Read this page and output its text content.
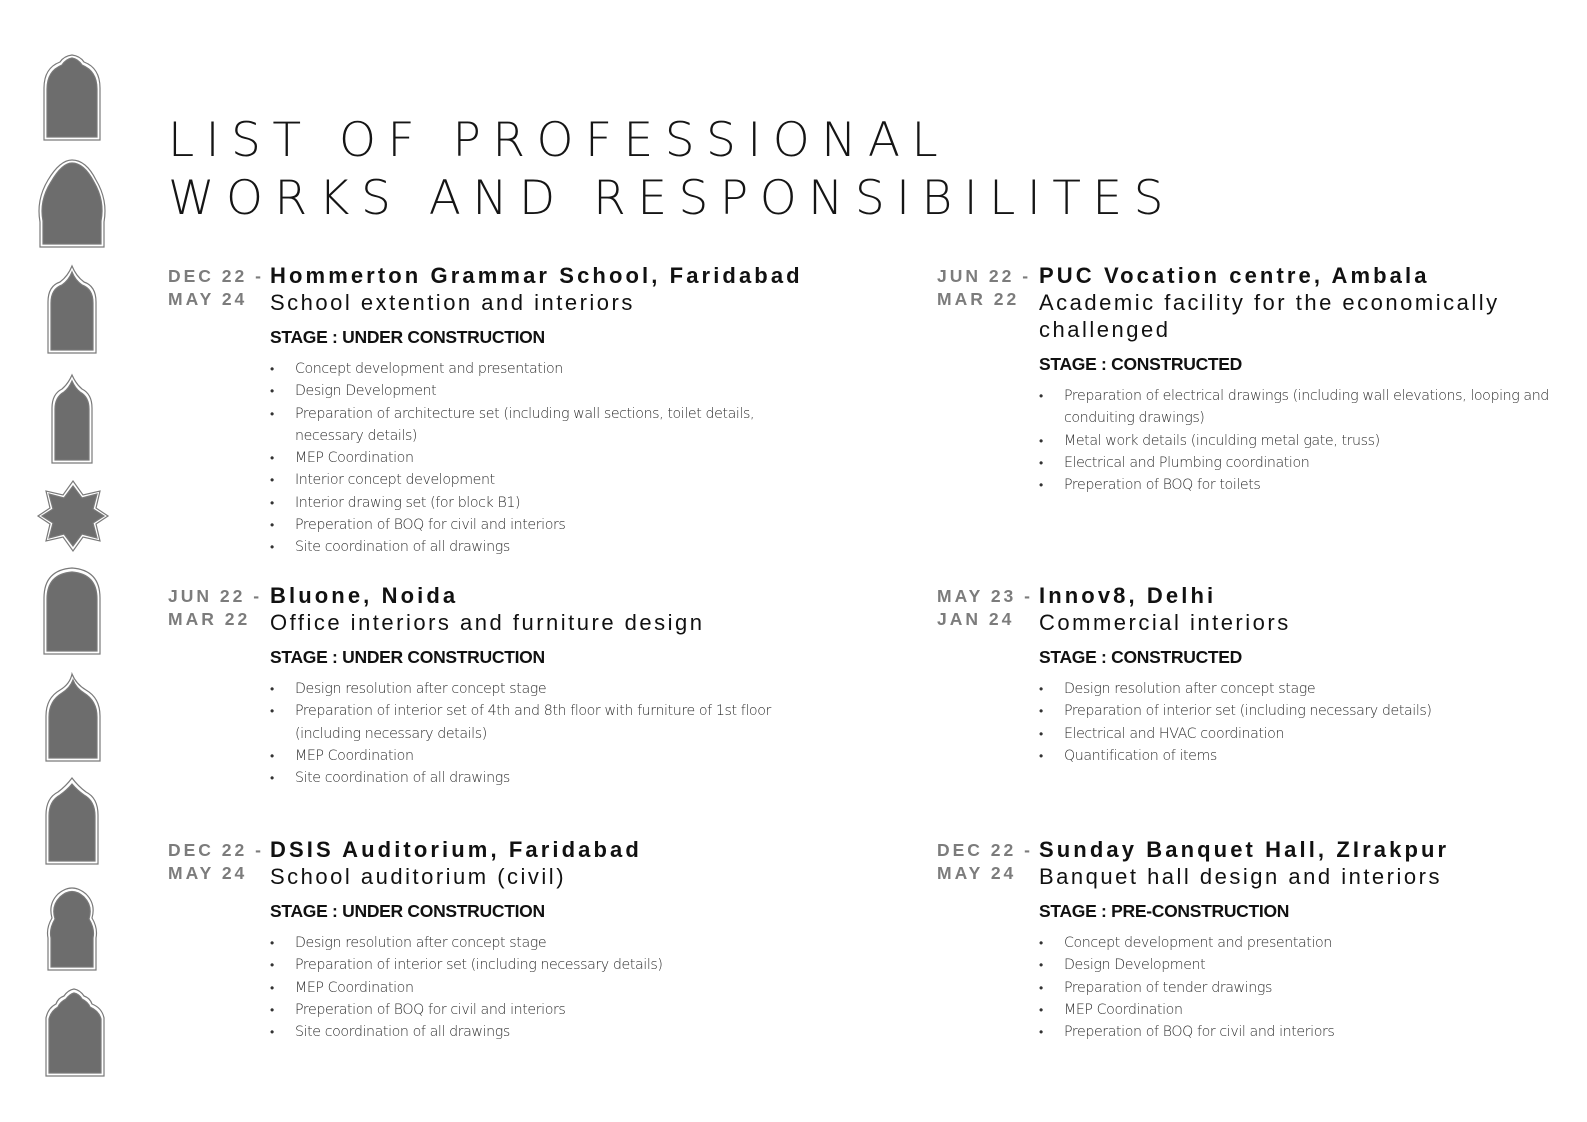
LIST OF PROFESSIONAL
WORKS AND RESPONSIBILITES
DEC 22 -
MAY 24
Hommerton Grammar School, Faridabad
School extention and interiors
STAGE : UNDER CONSTRUCTION
• Concept development and presentation
• Design Development
• Preparation of architecture set (including wall sections, toilet details, necessary details)
• MEP Coordination
• Interior concept development
• Interior drawing set (for block B1)
• Preperation of BOQ for civil and interiors
• Site coordination of all drawings
JUN 22 -
MAR 22
PUC Vocation centre, Ambala
Academic facility for the economically challenged
STAGE : CONSTRUCTED
• Preparation of electrical drawings (including wall elevations, looping and conduiting drawings)
• Metal work details (inculding metal gate, truss)
• Electrical and Plumbing coordination
• Preperation of BOQ for toilets
JUN 22 -
MAR 22
Bluone, Noida
Office interiors and furniture design
STAGE : UNDER CONSTRUCTION
• Design resolution after concept stage
• Preparation of interior set of 4th and 8th floor with furniture of 1st floor (including necessary details)
• MEP Coordination
• Site coordination of all drawings
MAY 23 -
JAN 24
Innov8, Delhi
Commercial interiors
STAGE : CONSTRUCTED
• Design resolution after concept stage
• Preparation of interior set (including necessary details)
• Electrical and HVAC coordination
• Quantification of items
DEC 22 -
MAY 24
DSIS Auditorium, Faridabad
School auditorium (civil)
STAGE : UNDER CONSTRUCTION
• Design resolution after concept stage
• Preparation of interior set (including necessary details)
• MEP Coordination
• Preperation of BOQ for civil and interiors
• Site coordination of all drawings
DEC 22 -
MAY 24
Sunday Banquet Hall, ZIrakpur
Banquet hall design and interiors
STAGE : PRE-CONSTRUCTION
• Concept development and presentation
• Design Development
• Preparation of tender drawings
• MEP Coordination
• Preperation of BOQ for civil and interiors
